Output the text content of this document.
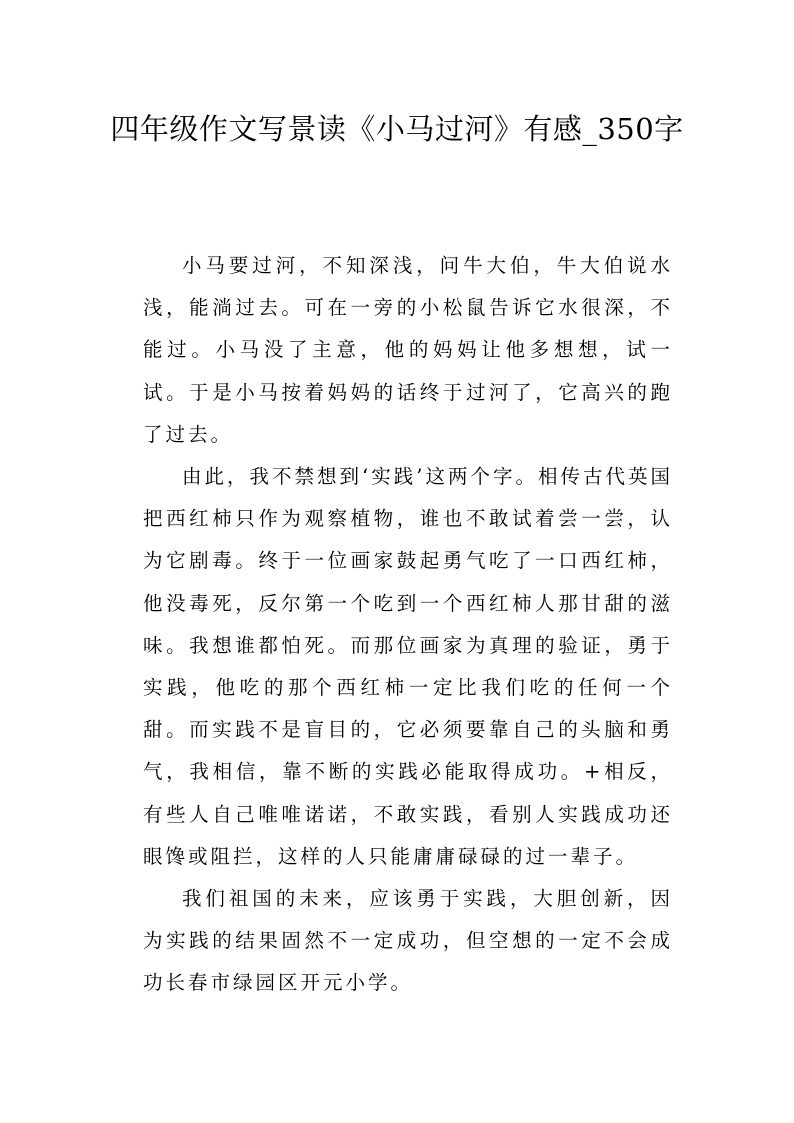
四年级作文写景读《小马过河》有感_350字

小马要过河，不知深浅，问牛大伯，牛大伯说水浅，能淌过去。可在一旁的小松鼠告诉它水很深，不能过。小马没了主意，他的妈妈让他多想想，试一试。于是小马按着妈妈的话终于过河了，它高兴的跑了过去。

由此，我不禁想到‘实践’这两个字。相传古代英国把西红柿只作为观察植物，谁也不敢试着尝一尝，认为它剧毒。终于一位画家鼓起勇气吃了一口西红柿，他没毒死，反尔第一个吃到一个西红柿人那甘甜的滋味。我想谁都怕死。而那位画家为真理的验证，勇于实践，他吃的那个西红柿一定比我们吃的任何一个甜。而实践不是盲目的，它必须要靠自己的头脑和勇气，我相信，靠不断的实践必能取得成功。+相反，有些人自己唯唯诺诺，不敢实践，看别人实践成功还眼馋或阻拦，这样的人只能庸庸碌碌的过一辈子。

我们祖国的未来，应该勇于实践，大胆创新，因为实践的结果固然不一定成功，但空想的一定不会成功长春市绿园区开元小学。
